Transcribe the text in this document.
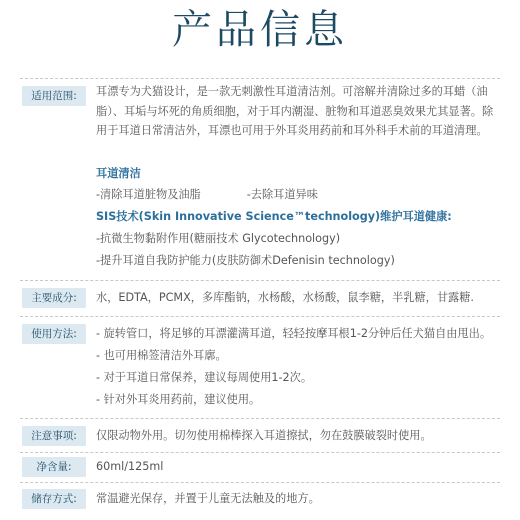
产品信息
适用范围:	耳漂专为犬猫设计，是一款无刺激性耳道清洁剂。可溶解并清除过多的耳蜡（油脂）、耳垢与坏死的角质细胞，对于耳内潮湿、脏物和耳道恶臭效果尤其显著。除用于耳道日常清洁外，耳漂也可用于外耳炎用药前和耳外科手术前的耳道清理。
耳道清洁
-清除耳道脏物及油脂	-去除耳道异味
SIS技术(Skin Innovative Science™technology)维护耳道健康:
-抗微生物黏附作用(糖丽技术 Glycotechnology)
-提升耳道自我防护能力(皮肤防御术Defenisin technology)
主要成分:	水，EDTA，PCMX，多库酯钠，水杨酸，水杨酸，鼠李糖，半乳糖，甘露糖.
使用方法:	- 旋转管口，将足够的耳漂灌满耳道，轻轻按摩耳根1-2分钟后任犬猫自由甩出。
- 也可用棉签清洁外耳廓。
- 对于耳道日常保养，建议每周使用1-2次。
- 针对外耳炎用药前，建议使用。
注意事项:	仅限动物外用。切勿使用棉棒探入耳道擦拭，勿在鼓膜破裂时使用。
净含量:	60ml/125ml
储存方式:	常温避光保存，并置于儿童无法触及的地方。
